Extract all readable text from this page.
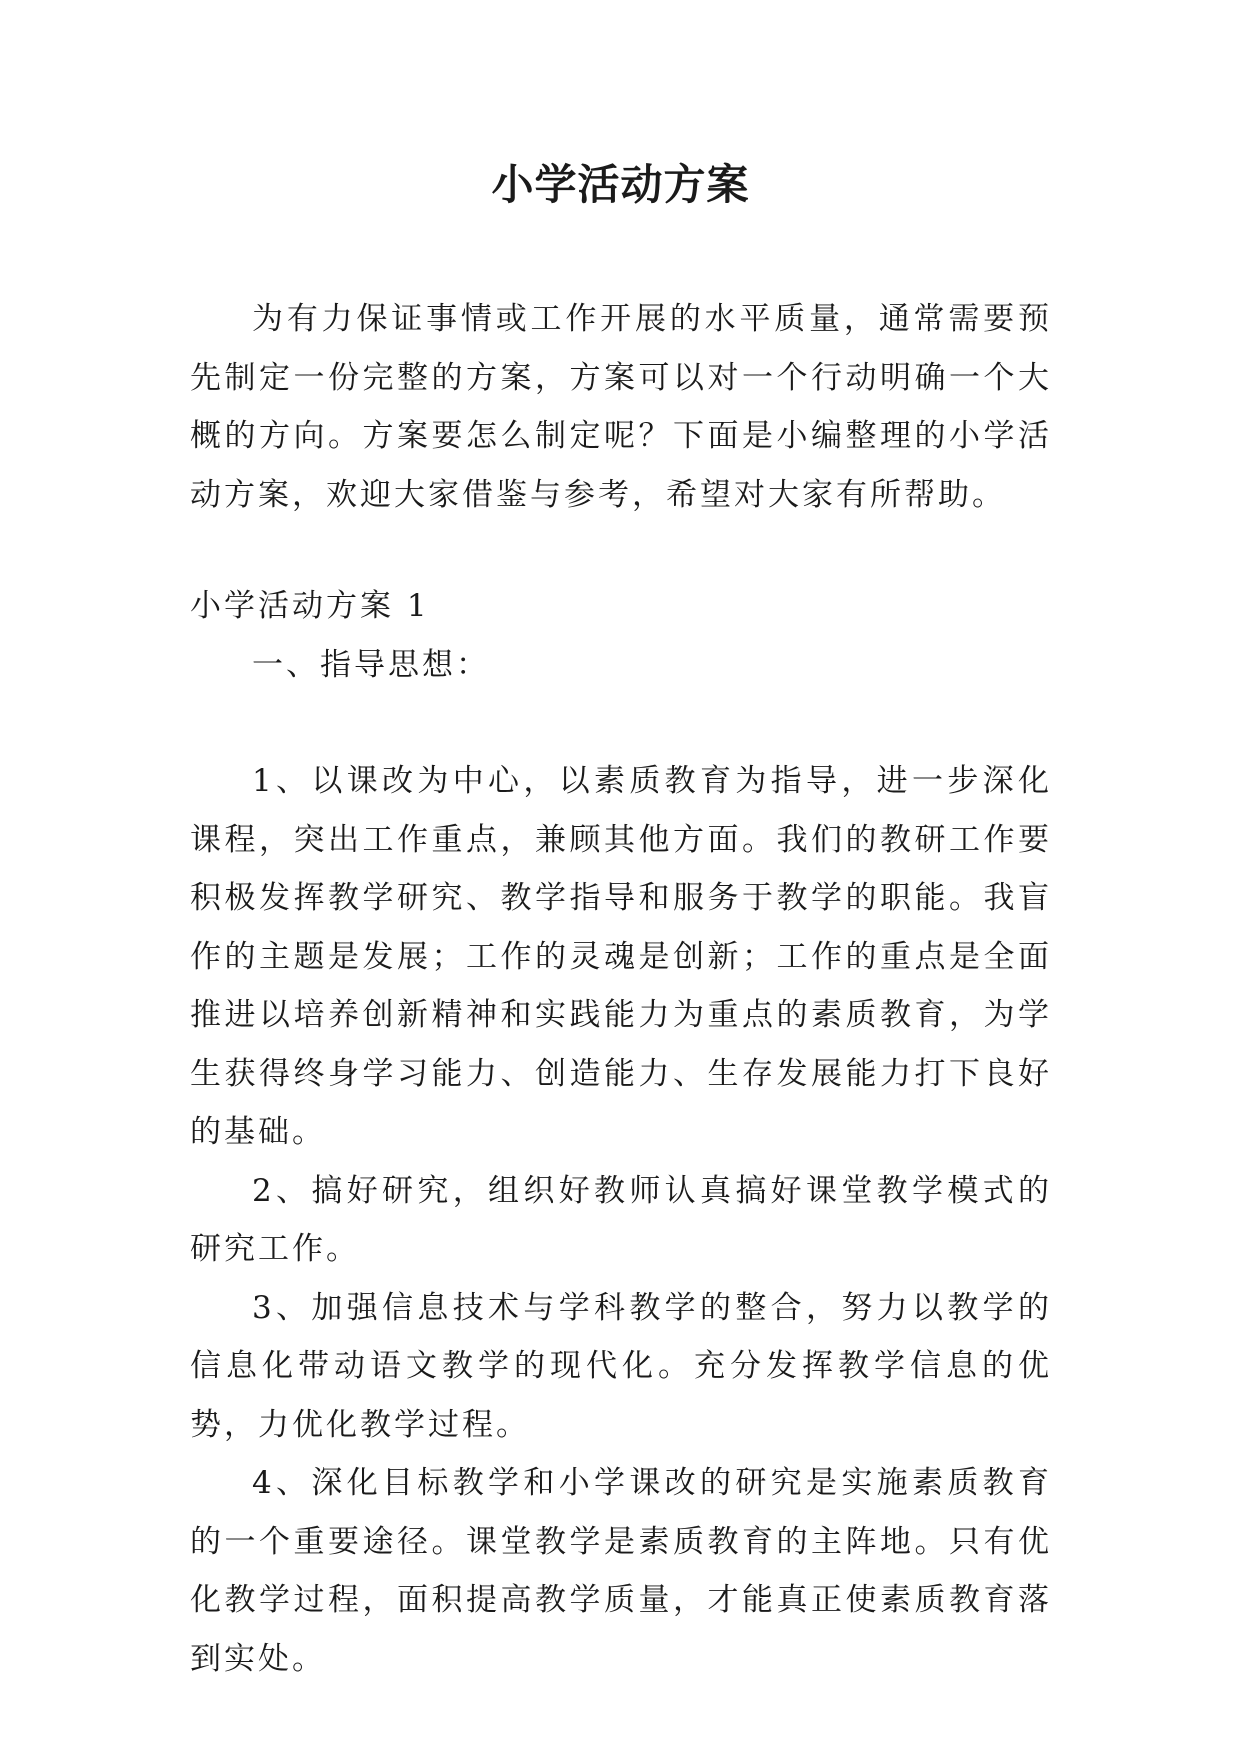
小学活动方案

为有力保证事情或工作开展的水平质量，通常需要预先制定一份完整的方案，方案可以对一个行动明确一个大概的方向。方案要怎么制定呢？下面是小编整理的小学活动方案，欢迎大家借鉴与参考，希望对大家有所帮助。

小学活动方案 1

一、指导思想：

1、以课改为中心，以素质教育为指导，进一步深化课程，突出工作重点，兼顾其他方面。我们的教研工作要积极发挥教学研究、教学指导和服务于教学的职能。我盲作的主题是发展；工作的灵魂是创新；工作的重点是全面推进以培养创新精神和实践能力为重点的素质教育，为学生获得终身学习能力、创造能力、生存发展能力打下良好的基础。

2、搞好研究，组织好教师认真搞好课堂教学模式的研究工作。

3、加强信息技术与学科教学的整合，努力以教学的信息化带动语文教学的现代化。充分发挥教学信息的优势，力优化教学过程。

4、深化目标教学和小学课改的研究是实施素质教育的一个重要途径。课堂教学是素质教育的主阵地。只有优化教学过程，面积提高教学质量，才能真正使素质教育落到实处。
